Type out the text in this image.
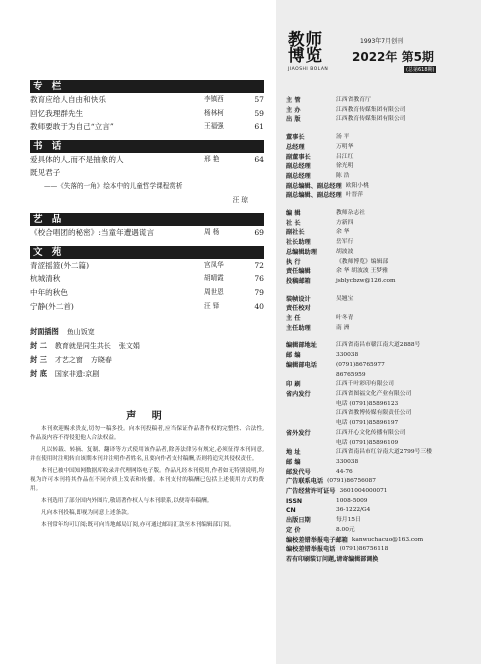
专 栏
教育应给人自由和快乐	李镇西	57
回忆我理群先生	杨林柯	59
教师要敢于为自己“立言”	王福强	61
书 话
爱具体的人,而不是抽象的人	邢 艳	64
既见君子
——《失落的一角》绘本中的儿童哲学课程赏析
汪 琼
艺 品
《校合唱团的秘密》:当童年遭遇谎言	周 杨	69
文 苑
青涩摇篮(外二篇)	宫凤华	72
杭城清秋	胡晴霞	76
中年的秋色	周世恩	79
宁静(外二首)	汪 铎	40
封面插图 鱼山饭宽
封 二 教育就是同生共长 张文娟
封 三 才艺之窗 方晓春
封 底 国家非遗:京剧
声 明

本刊欢迎赐求贵友,切勿一稿多投。向本刊投稿者,应当保证作品著作权的完整性、合法性,作品及内容不得侵犯他人合法权益。

凡以转载、转摘、复制、翻译等方式使用该作品者,除善法律另有规定,必须征得本刊同意,并在使用时注明转自该期本刊并注明作者姓名,且要向作者支付稿酬,否则将追究其侵权责任。

本刊已被中国知网数据库收录并代理网络电子版。作品凡经本刊使用,作者如无特别说明,均视为许可本刊将其作品在不同介质上发表和传播。本刊支付的稿酬已包括上述使用方式的费用。

本刊选用了部分国内外图片,敬请著作权人与本刊联系,以便寄奉稿酬。

凡向本刊投稿,即视为同意上述条款。

本刊常年均可订阅;既可向当地邮局订阅,亦可通过邮局汇款至本刊编辑部订阅。

教师博览
1993年7月创刊
2022年 第5期
JIAOSHI BOLAN	(总第618期)
主 管	江西省教育厅
主 办	江西教育传媒集团有限公司
出 版	江西教育传媒集团有限公司
董事长	汤 平
总经理	万明华
副董事长	吕江红
副总经理	徐光明
副总经理	陈 浩
副总编辑、副总经理 欧阳小桃
副总编辑、副总经理 叶晋萍
编 辑	教师杂志社
社 长	方新四
副社长	余 华
社长助理	岳军行
总编辑助理	胡波波
执 行	《教师博览》编辑部
责任编辑	余 华 胡波波 王梦雅
投稿邮箱	jsblycbzw@126.com
装帧设计	吴翘宝
责任校对
主 任	叶冬青
主任助理	南 洲
编辑部地址	江西省南昌市赣江南大道2888号
邮 编	330038
编辑部电话	(0791)86765977
86765959
印 刷	江西千叶彩印有限公司
省内发行	江西省图福文化产业有限公司
电话 (0791)85896123
江西省教博传媒有限责任公司
电话 (0791)85896197
省外发行	江西开心文化传播有限公司
电话 (0791)85896109
地 址	江西省南昌市红谷南大道2799号三楼
邮 编	330038
邮发代号	44-76
广告联系电话 (0791)86756087
广告经营许可证号 3601004000071
ISSN	1008-5009
CN	36-1222/G4
出版日期	每月15日
定 价	8.00元
编校差错举报电子邮箱 kanwuchacuo@163.com
编校差错举报电话 (0791)86756118
若有印刷装订问题,请寄编辑部调换
